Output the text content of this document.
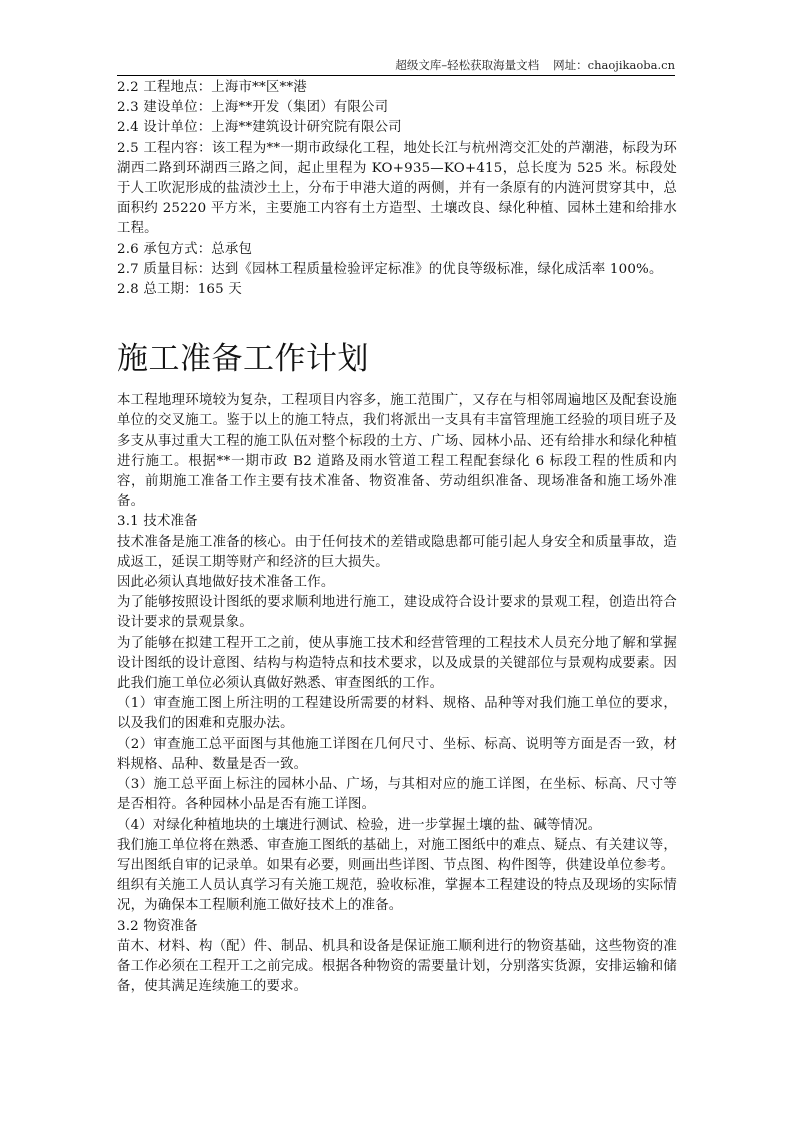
超级文库–轻松获取海量文档 网址：chaojikaoba.cn

2.2 工程地点：上海市**区**港

2.3 建设单位：上海**开发（集团）有限公司

2.4 设计单位：上海**建筑设计研究院有限公司

2.5 工程内容：该工程为**一期市政绿化工程，地处长江与杭州湾交汇处的芦潮港，标段为环湖西二路到环湖西三路之间，起止里程为 KO+935—KO+415，总长度为 525 米。标段处于人工吹泥形成的盐渍沙土上，分布于申港大道的两侧，并有一条原有的内涟河贯穿其中，总面积约 25220 平方米，主要施工内容有土方造型、土壤改良、绿化种植、园林土建和给排水工程。

2.6 承包方式：总承包

2.7 质量目标：达到《园林工程质量检验评定标准》的优良等级标准，绿化成活率 100%。

2.8 总工期：165 天

施工准备工作计划

本工程地理环境较为复杂，工程项目内容多，施工范围广，又存在与相邻周遍地区及配套设施单位的交叉施工。鉴于以上的施工特点，我们将派出一支具有丰富管理施工经验的项目班子及多支从事过重大工程的施工队伍对整个标段的土方、广场、园林小品、还有给排水和绿化种植进行施工。根据**一期市政 B2 道路及雨水管道工程工程配套绿化 6 标段工程的性质和内容，前期施工准备工作主要有技术准备、物资准备、劳动组织准备、现场准备和施工场外准备。

3.1 技术准备

技术准备是施工准备的核心。由于任何技术的差错或隐患都可能引起人身安全和质量事故，造成返工，延误工期等财产和经济的巨大损失。

因此必须认真地做好技术准备工作。

为了能够按照设计图纸的要求顺利地进行施工，建设成符合设计要求的景观工程，创造出符合设计要求的景观景象。

为了能够在拟建工程开工之前，使从事施工技术和经营管理的工程技术人员充分地了解和掌握设计图纸的设计意图、结构与构造特点和技术要求，以及成景的关键部位与景观构成要素。因此我们施工单位必须认真做好熟悉、审查图纸的工作。

（1）审查施工图上所注明的工程建设所需要的材料、规格、品种等对我们施工单位的要求，以及我们的困难和克服办法。

（2）审查施工总平面图与其他施工详图在几何尺寸、坐标、标高、说明等方面是否一致，材料规格、品种、数量是否一致。

（3）施工总平面上标注的园林小品、广场，与其相对应的施工详图，在坐标、标高、尺寸等是否相符。各种园林小品是否有施工详图。

（4）对绿化种植地块的土壤进行测试、检验，进一步掌握土壤的盐、碱等情况。

我们施工单位将在熟悉、审查施工图纸的基础上，对施工图纸中的难点、疑点、有关建议等，写出图纸自审的记录单。如果有必要，则画出些详图、节点图、构件图等，供建设单位参考。

组织有关施工人员认真学习有关施工规范，验收标准，掌握本工程建设的特点及现场的实际情况，为确保本工程顺利施工做好技术上的准备。

3.2 物资准备

苗木、材料、构（配）件、制品、机具和设备是保证施工顺利进行的物资基础，这些物资的准备工作必须在工程开工之前完成。根据各种物资的需要量计划，分别落实货源，安排运输和储备，使其满足连续施工的要求。
